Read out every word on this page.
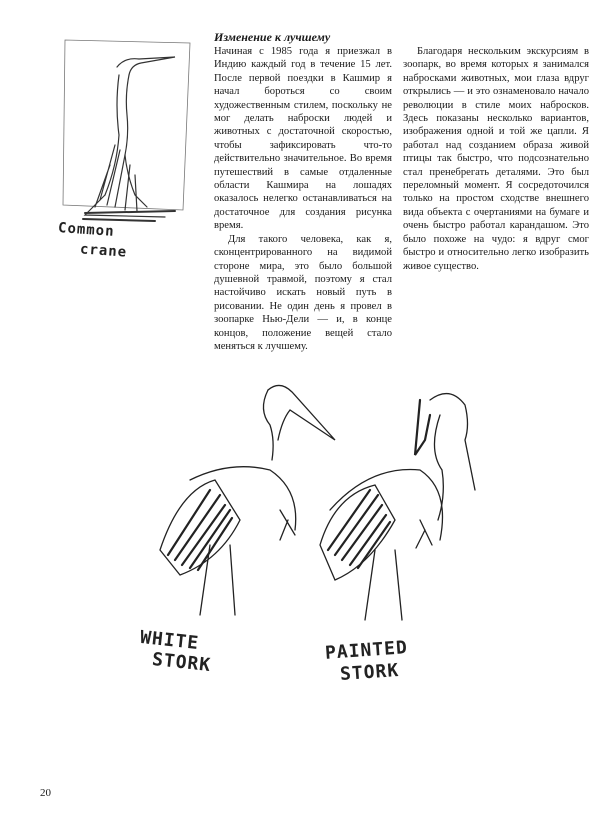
Common
crane
Изменение к лучшему

Начиная с 1985 года я приезжал в Индию каждый год в течение 15 лет. После первой поездки в Кашмир я начал бороться со своим художественным стилем, поскольку не мог делать наброски людей и животных с достаточной скоростью, чтобы зафиксировать что-то действительно значительное. Во время путешествий в самые отдаленные области Кашмира на лошадях оказалось нелегко останавливаться на достаточное для создания рисунка время.

Для такого человека, как я, сконцентрированного на видимой стороне мира, это было большой душевной травмой, поэтому я стал настойчиво искать новый путь в рисовании. Не один день я провел в зоопарке Нью-Дели — и, в конце концов, положение вещей стало меняться к лучшему.

Благодаря нескольким экскурсиям в зоопарк, во время которых я занимался набросками животных, мои глаза вдруг открылись — и это ознаменовало начало революции в стиле моих набросков. Здесь показаны несколько вариантов, изображения одной и той же цапли. Я работал над созданием образа живой птицы так быстро, что подсознательно стал пренебрегать деталями. Это был переломный момент. Я сосредоточился только на простом сходстве внешнего вида объекта с очертаниями на бумаге и очень быстро работал карандашом. Это было похоже на чудо: я вдруг смог быстро и относительно легко изобразить живое существо.

WHITE
STORK	PAINTED
STORK
20
